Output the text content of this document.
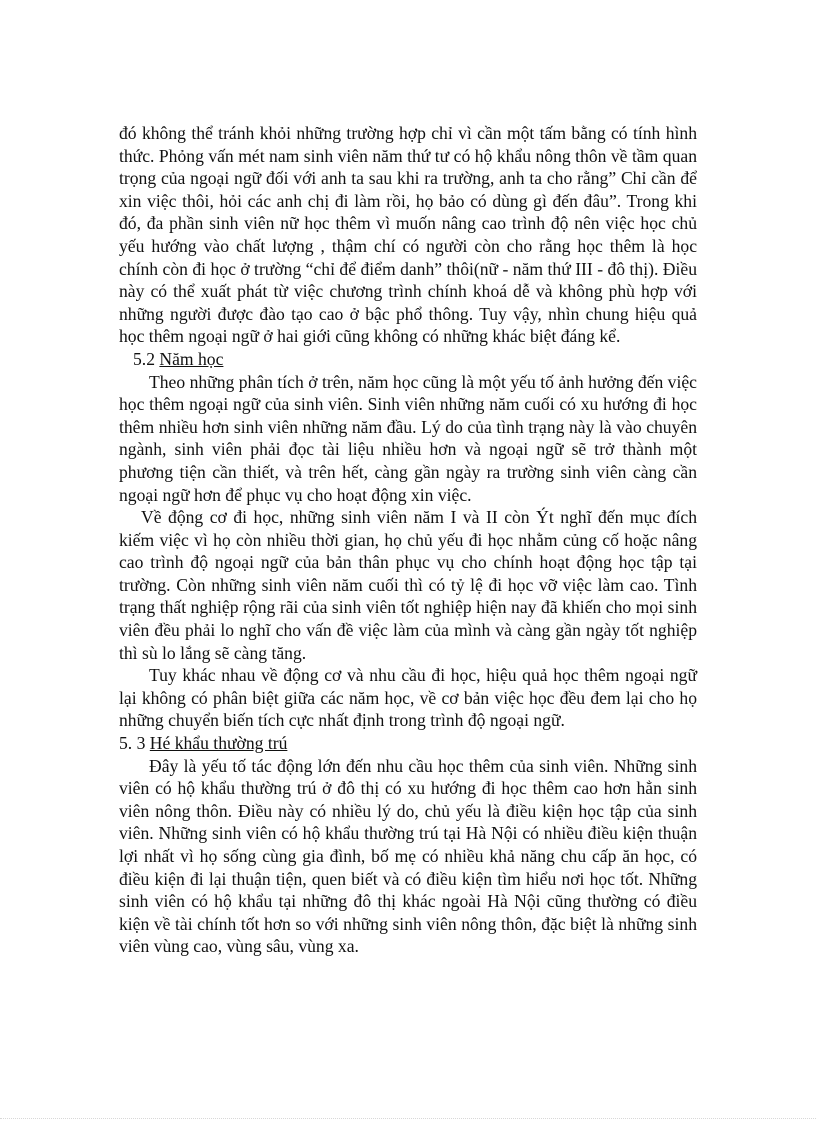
đó không thể tránh khỏi những trường hợp chỉ vì cần một tấm bằng có tính hình thức. Phỏng vấn mét nam sinh viên năm thứ tư có hộ khẩu nông thôn về tầm quan trọng của ngoại ngữ đối với anh ta sau khi ra trường, anh ta cho rằng” Chỉ cần để xin việc thôi, hỏi các anh chị đi làm rồi, họ bảo có dùng gì đến đâu”. Trong khi đó, đa phần sinh viên nữ học thêm vì muốn nâng cao trình độ nên việc học chủ yếu hướng vào chất lượng , thậm chí có người còn cho rằng học thêm là học chính còn đi học ở trường “chỉ để điểm danh” thôi(nữ - năm thứ III - đô thị). Điều này có thể xuất phát từ việc chương trình chính khoá dễ và không phù hợp với những người được đào tạo cao ở bậc phổ thông. Tuy vậy, nhìn chung hiệu quả học thêm ngoại ngữ ở hai giới cũng không có những khác biệt đáng kể.

5.2 Năm học

Theo những phân tích ở trên, năm học cũng là một yếu tố ảnh hưởng đến việc học thêm ngoại ngữ của sinh viên. Sinh viên những năm cuối có xu hướng đi học thêm nhiều hơn sinh viên những năm đầu. Lý do của tình trạng này là vào chuyên ngành, sinh viên phải đọc tài liệu nhiều hơn và ngoại ngữ sẽ trở thành một phương tiện cần thiết, và trên hết, càng gần ngày ra trường sinh viên càng cần ngoại ngữ hơn để phục vụ cho hoạt động xin việc.

Về động cơ đi học, những sinh viên năm I và II còn Ýt nghĩ đến mục đích kiếm việc vì họ còn nhiều thời gian, họ chủ yếu đi học nhằm củng cố hoặc nâng cao trình độ ngoại ngữ của bản thân phục vụ cho chính hoạt động học tập tại trường. Còn những sinh viên năm cuối thì có tỷ lệ đi học vỡ việc làm cao. Tình trạng thất nghiệp rộng rãi của sinh viên tốt nghiệp hiện nay đã khiến cho mọi sinh viên đều phải lo nghĩ cho vấn đề việc làm của mình và càng gần ngày tốt nghiệp thì sù lo lắng sẽ càng tăng.

Tuy khác nhau về động cơ và nhu cầu đi học, hiệu quả học thêm ngoại ngữ lại không có phân biệt giữa các năm học, về cơ bản việc học đều đem lại cho họ những chuyển biến tích cực nhất định trong trình độ ngoại ngữ.

5. 3 Hé khẩu thường trú

Đây là yếu tố tác động lớn đến nhu cầu học thêm của sinh viên. Những sinh viên có hộ khẩu thường trú ở đô thị có xu hướng đi học thêm cao hơn hẳn sinh viên nông thôn. Điều này có nhiều lý do, chủ yếu là điều kiện học tập của sinh viên. Những sinh viên có hộ khẩu thường trú tại Hà Nội có nhiều điều kiện thuận lợi nhất vì họ sống cùng gia đình, bố mẹ có nhiều khả năng chu cấp ăn học, có điều kiện đi lại thuận tiện, quen biết và có điều kiện tìm hiểu nơi học tốt. Những sinh viên có hộ khẩu tại những đô thị khác ngoài Hà Nội cũng thường có điều kiện về tài chính tốt hơn so với những sinh viên nông thôn, đặc biệt là những sinh viên vùng cao, vùng sâu, vùng xa.
